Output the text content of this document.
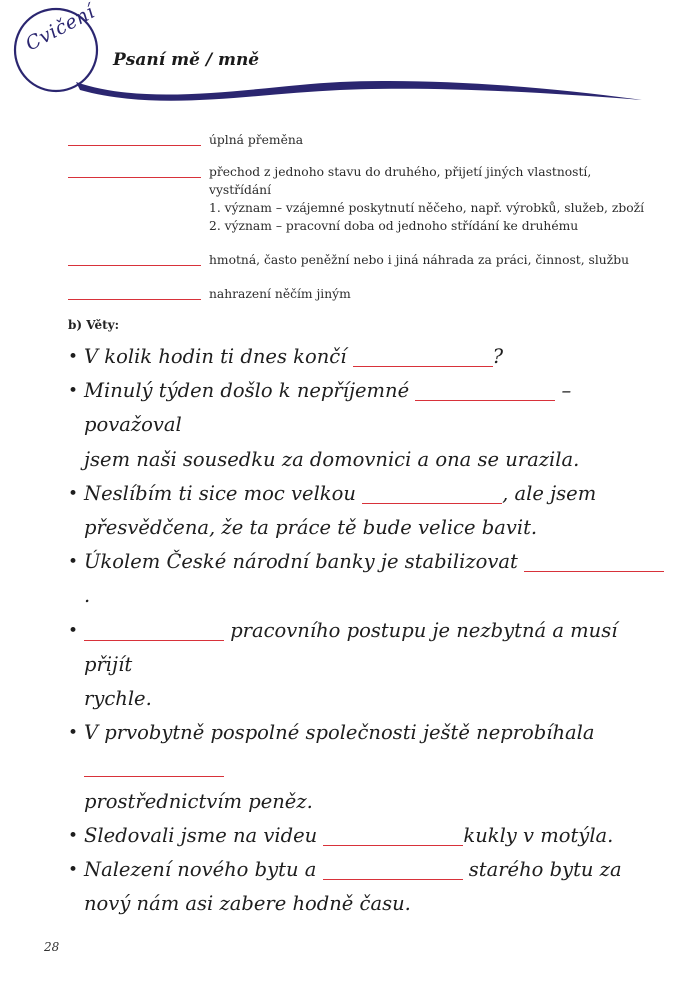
Cvičení
Psaní mě / mně
úplná přeměna
přechod z jednoho stavu do druhého, přijetí jiných vlastností, vystřídání
1. význam – vzájemné poskytnutí něčeho, např. výrobků, služeb, zboží
2. význam – pracovní doba od jednoho střídání ke druhému
hmotná, často peněžní nebo i jiná náhrada za práci, činnost, službu
nahrazení něčím jiným
b) Věty:
• V kolik hodin ti dnes končí	?
• Minulý týden došlo k nepříjemné	– považoval
jsem naši sousedku za domovnici a ona se urazila.
• Neslíbím ti sice moc velkou	, ale jsem
přesvědčena, že ta práce tě bude velice bavit.
• Úkolem České národní banky je stabilizovat .
•	pracovního postupu je nezbytná a musí přijít
rychle.
• V prvobytně pospolné společnosti ještě neprobíhala
prostřednictvím peněz.
• Sledovali jsme na videu	kukly v motýla.
• Nalezení nového bytu a	starého bytu za
nový nám asi zabere hodně času.
28
